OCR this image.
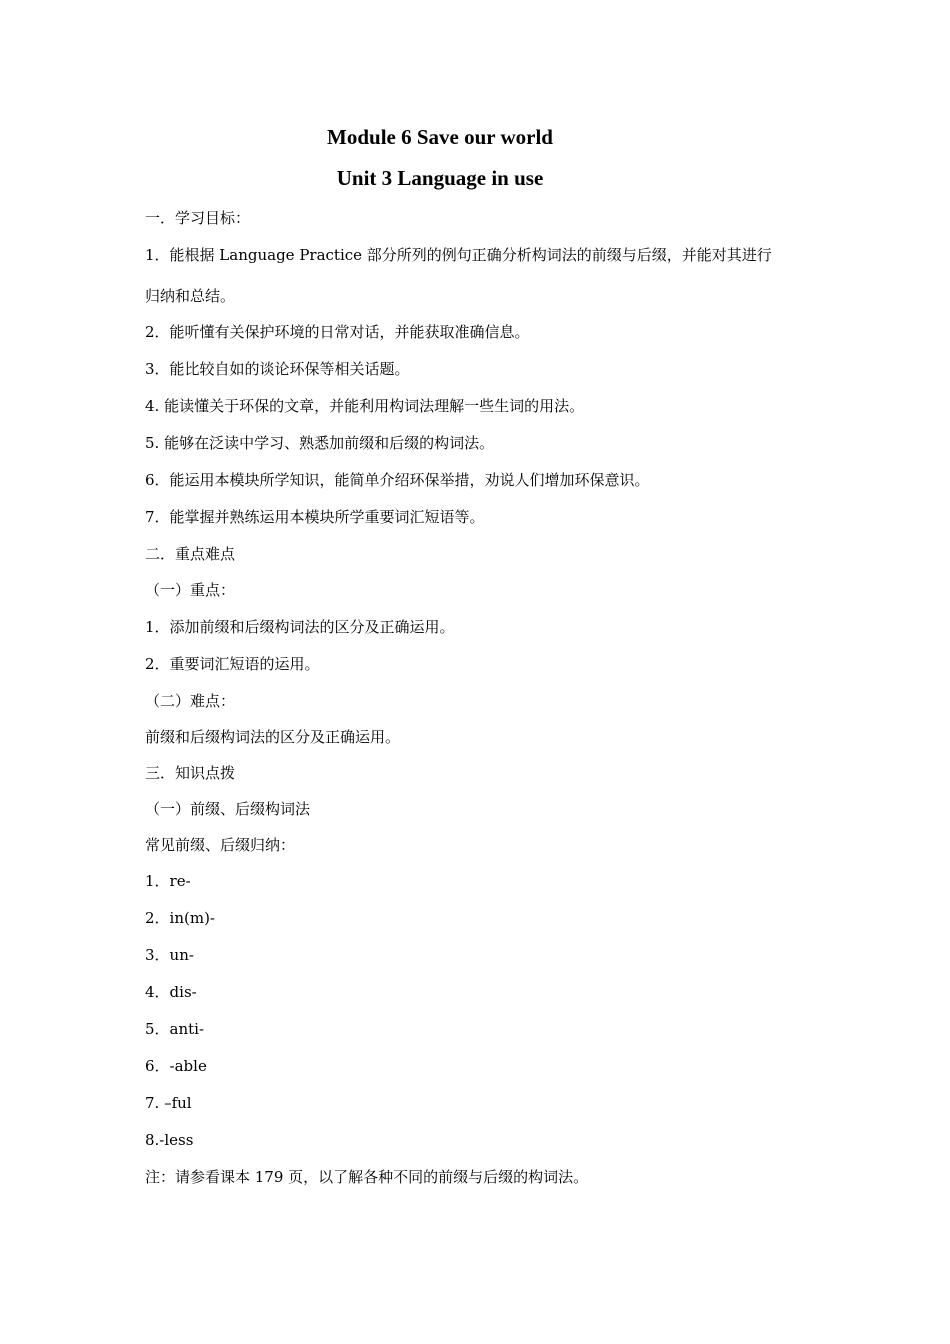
Module 6 Save our world
Unit 3 Language in use
一．学习目标：
1．能根据 Language Practice 部分所列的例句正确分析构词法的前缀与后缀，并能对其进行
归纳和总结。
2．能听懂有关保护环境的日常对话，并能获取准确信息。
3．能比较自如的谈论环保等相关话题。
4. 能读懂关于环保的文章，并能利用构词法理解一些生词的用法。
5. 能够在泛读中学习、熟悉加前缀和后缀的构词法。
6．能运用本模块所学知识，能简单介绍环保举措，劝说人们增加环保意识。
7．能掌握并熟练运用本模块所学重要词汇短语等。
二．重点难点
（一）重点：
1．添加前缀和后缀构词法的区分及正确运用。
2．重要词汇短语的运用。
（二）难点：
前缀和后缀构词法的区分及正确运用。
三．知识点拨
（一）前缀、后缀构词法
常见前缀、后缀归纳：
1．re-
2．in(m)-
3．un-
4．dis-
5．anti-
6．-able
7. –ful
8.-less
注：请参看课本 179 页，以了解各种不同的前缀与后缀的构词法。
